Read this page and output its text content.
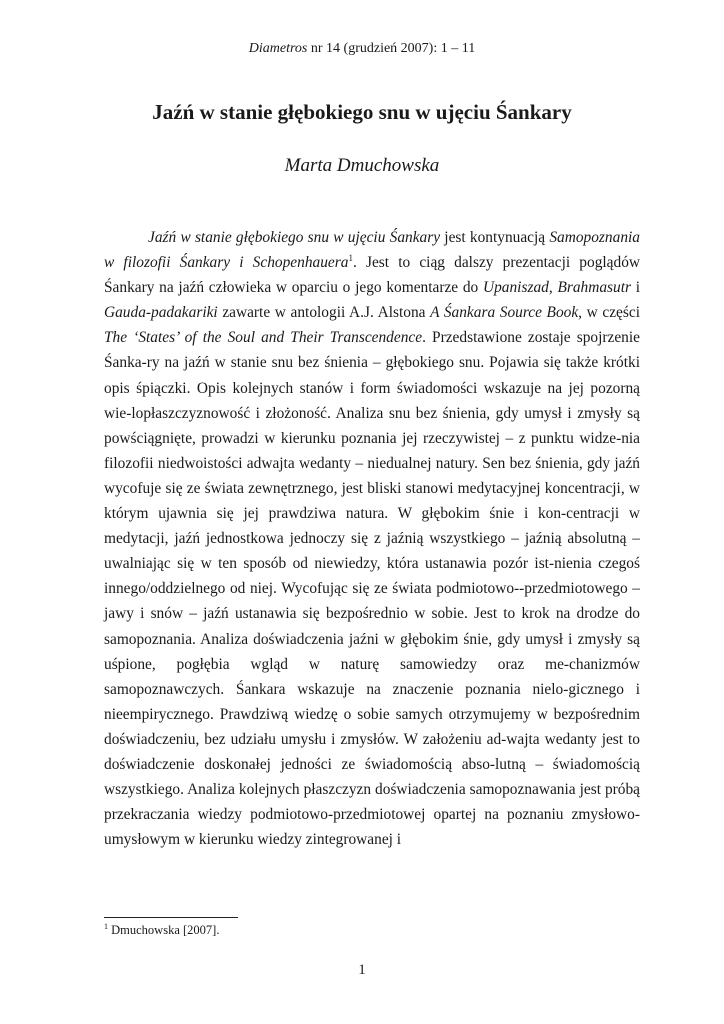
Diametros nr 14 (grudzień 2007): 1 – 11
Jaźń w stanie głębokiego snu w ujęciu Śankary
Marta Dmuchowska

Jaźń w stanie głębokiego snu w ujęciu Śankary jest kontynuacją Samopoznania w filozofii Śankary i Schopenhauera$^1$. Jest to ciąg dalszy prezentacji poglądów Śankary na jaźń człowieka w oparciu o jego komentarze do Upaniszad, Brahmasutr i Gauda-padakariki zawarte w antologii A.J. Alstona A Śankara Source Book, w części The ‘States’ of the Soul and Their Transcendence. Przedstawione zostaje spojrzenie Śanka-ry na jaźń w stanie snu bez śnienia – głębokiego snu. Pojawia się także krótki opis śpiączki. Opis kolejnych stanów i form świadomości wskazuje na jej pozorną wie-lopłaszczyznowość i złożoność. Analiza snu bez śnienia, gdy umysł i zmysły są powściągnięte, prowadzi w kierunku poznania jej rzeczywistej – z punktu widze-nia filozofii niedwoistości adwajta wedanty – niedualnej natury. Sen bez śnienia, gdy jaźń wycofuje się ze świata zewnętrznego, jest bliski stanowi medytacyjnej koncentracji, w którym ujawnia się jej prawdziwa natura. W głębokim śnie i kon-centracji w medytacji, jaźń jednostkowa jednoczy się z jaźnią wszystkiego – jaźnią absolutną – uwalniając się w ten sposób od niewiedzy, która ustanawia pozór ist-nienia czegoś innego/oddzielnego od niej. Wycofując się ze świata podmiotowo--przedmiotowego – jawy i snów – jaźń ustanawia się bezpośrednio w sobie. Jest to krok na drodze do samopoznania. Analiza doświadczenia jaźni w głębokim śnie, gdy umysł i zmysły są uśpione, pogłębia wgląd w naturę samowiedzy oraz me-chanizmów samopoznawczych. Śankara wskazuje na znaczenie poznania nielo-gicznego i nieempirycznego. Prawdziwą wiedzę o sobie samych otrzymujemy w bezpośrednim doświadczeniu, bez udziału umysłu i zmysłów. W założeniu ad-wajta wedanty jest to doświadczenie doskonałej jedności ze świadomością abso-lutną – świadomością wszystkiego. Analiza kolejnych płaszczyzn doświadczenia samopoznawania jest próbą przekraczania wiedzy podmiotowo-przedmiotowej opartej na poznaniu zmysłowo-umysłowym w kierunku wiedzy zintegrowanej i

$^1$ Dmuchowska [2007].
1
